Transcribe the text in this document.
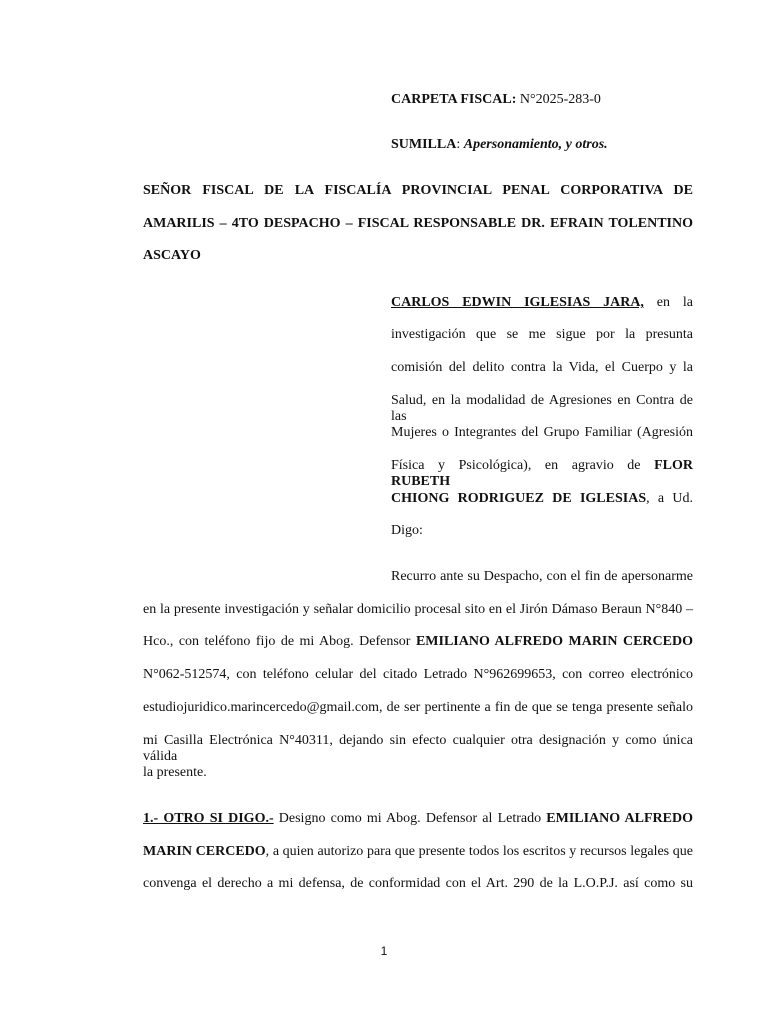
CARPETA FISCAL: N°2025-283-0
SUMILLA: Apersonamiento, y otros.
SEÑOR FISCAL DE LA FISCALÍA PROVINCIAL PENAL CORPORATIVA DE
AMARILIS – 4TO DESPACHO – FISCAL RESPONSABLE DR. EFRAIN TOLENTINO
ASCAYO
CARLOS EDWIN IGLESIAS JARA, en la
investigación que se me sigue por la presunta
comisión del delito contra la Vida, el Cuerpo y la
Salud, en la modalidad de Agresiones en Contra de las
Mujeres o Integrantes del Grupo Familiar (Agresión
Física y Psicológica), en agravio de FLOR RUBETH
CHIONG RODRIGUEZ DE IGLESIAS, a Ud.
Digo:
Recurro ante su Despacho, con el fin de apersonarme
en la presente investigación y señalar domicilio procesal sito en el Jirón Dámaso Beraun N°840 –
Hco., con teléfono fijo de mi Abog. Defensor EMILIANO ALFREDO MARIN CERCEDO
N°062-512574, con teléfono celular del citado Letrado N°962699653, con correo electrónico
estudiojuridico.marincercedo@gmail.com, de ser pertinente a fin de que se tenga presente señalo
mi Casilla Electrónica N°40311, dejando sin efecto cualquier otra designación y como única válida
la presente.
1.- OTRO SI DIGO.- Designo como mi Abog. Defensor al Letrado EMILIANO ALFREDO
MARIN CERCEDO, a quien autorizo para que presente todos los escritos y recursos legales que
convenga el derecho a mi defensa, de conformidad con el Art. 290 de la L.O.P.J. así como su
1
